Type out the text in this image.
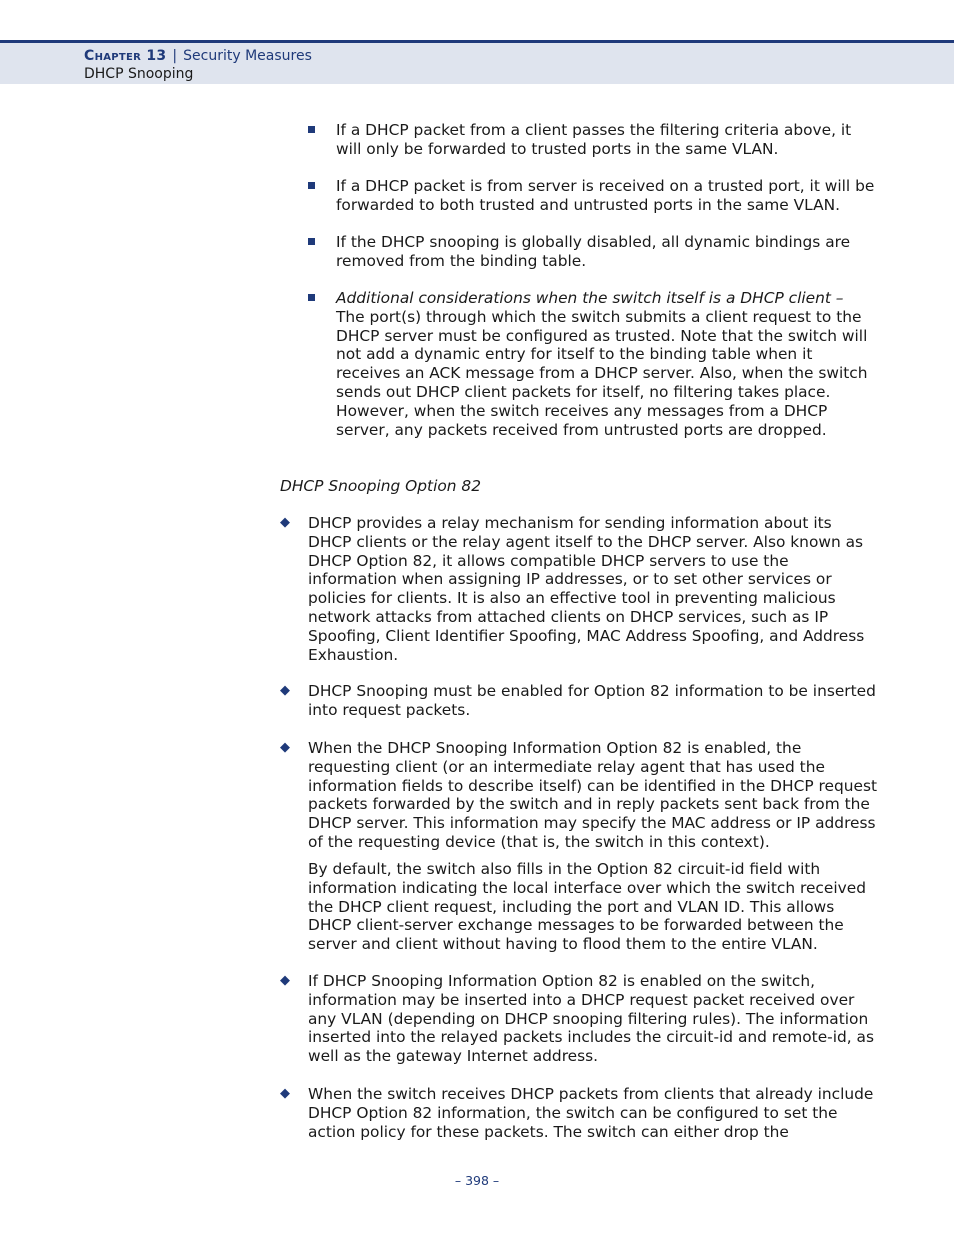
Chapter 13 | Security Measures
DHCP Snooping
If a DHCP packet from a client passes the filtering criteria above, it will only be forwarded to trusted ports in the same VLAN.
If a DHCP packet is from server is received on a trusted port, it will be forwarded to both trusted and untrusted ports in the same VLAN.
If the DHCP snooping is globally disabled, all dynamic bindings are removed from the binding table.
Additional considerations when the switch itself is a DHCP client – The port(s) through which the switch submits a client request to the DHCP server must be configured as trusted. Note that the switch will not add a dynamic entry for itself to the binding table when it receives an ACK message from a DHCP server. Also, when the switch sends out DHCP client packets for itself, no filtering takes place. However, when the switch receives any messages from a DHCP server, any packets received from untrusted ports are dropped.
DHCP Snooping Option 82
◆ DHCP provides a relay mechanism for sending information about its DHCP clients or the relay agent itself to the DHCP server. Also known as DHCP Option 82, it allows compatible DHCP servers to use the information when assigning IP addresses, or to set other services or policies for clients. It is also an effective tool in preventing malicious network attacks from attached clients on DHCP services, such as IP Spoofing, Client Identifier Spoofing, MAC Address Spoofing, and Address Exhaustion.
◆ DHCP Snooping must be enabled for Option 82 information to be inserted into request packets.
◆ When the DHCP Snooping Information Option 82 is enabled, the requesting client (or an intermediate relay agent that has used the information fields to describe itself) can be identified in the DHCP request packets forwarded by the switch and in reply packets sent back from the DHCP server. This information may specify the MAC address or IP address of the requesting device (that is, the switch in this context).
By default, the switch also fills in the Option 82 circuit-id field with information indicating the local interface over which the switch received the DHCP client request, including the port and VLAN ID. This allows DHCP client-server exchange messages to be forwarded between the server and client without having to flood them to the entire VLAN.
◆ If DHCP Snooping Information Option 82 is enabled on the switch, information may be inserted into a DHCP request packet received over any VLAN (depending on DHCP snooping filtering rules). The information inserted into the relayed packets includes the circuit-id and remote-id, as well as the gateway Internet address.
◆ When the switch receives DHCP packets from clients that already include DHCP Option 82 information, the switch can be configured to set the action policy for these packets. The switch can either drop the
– 398 –
